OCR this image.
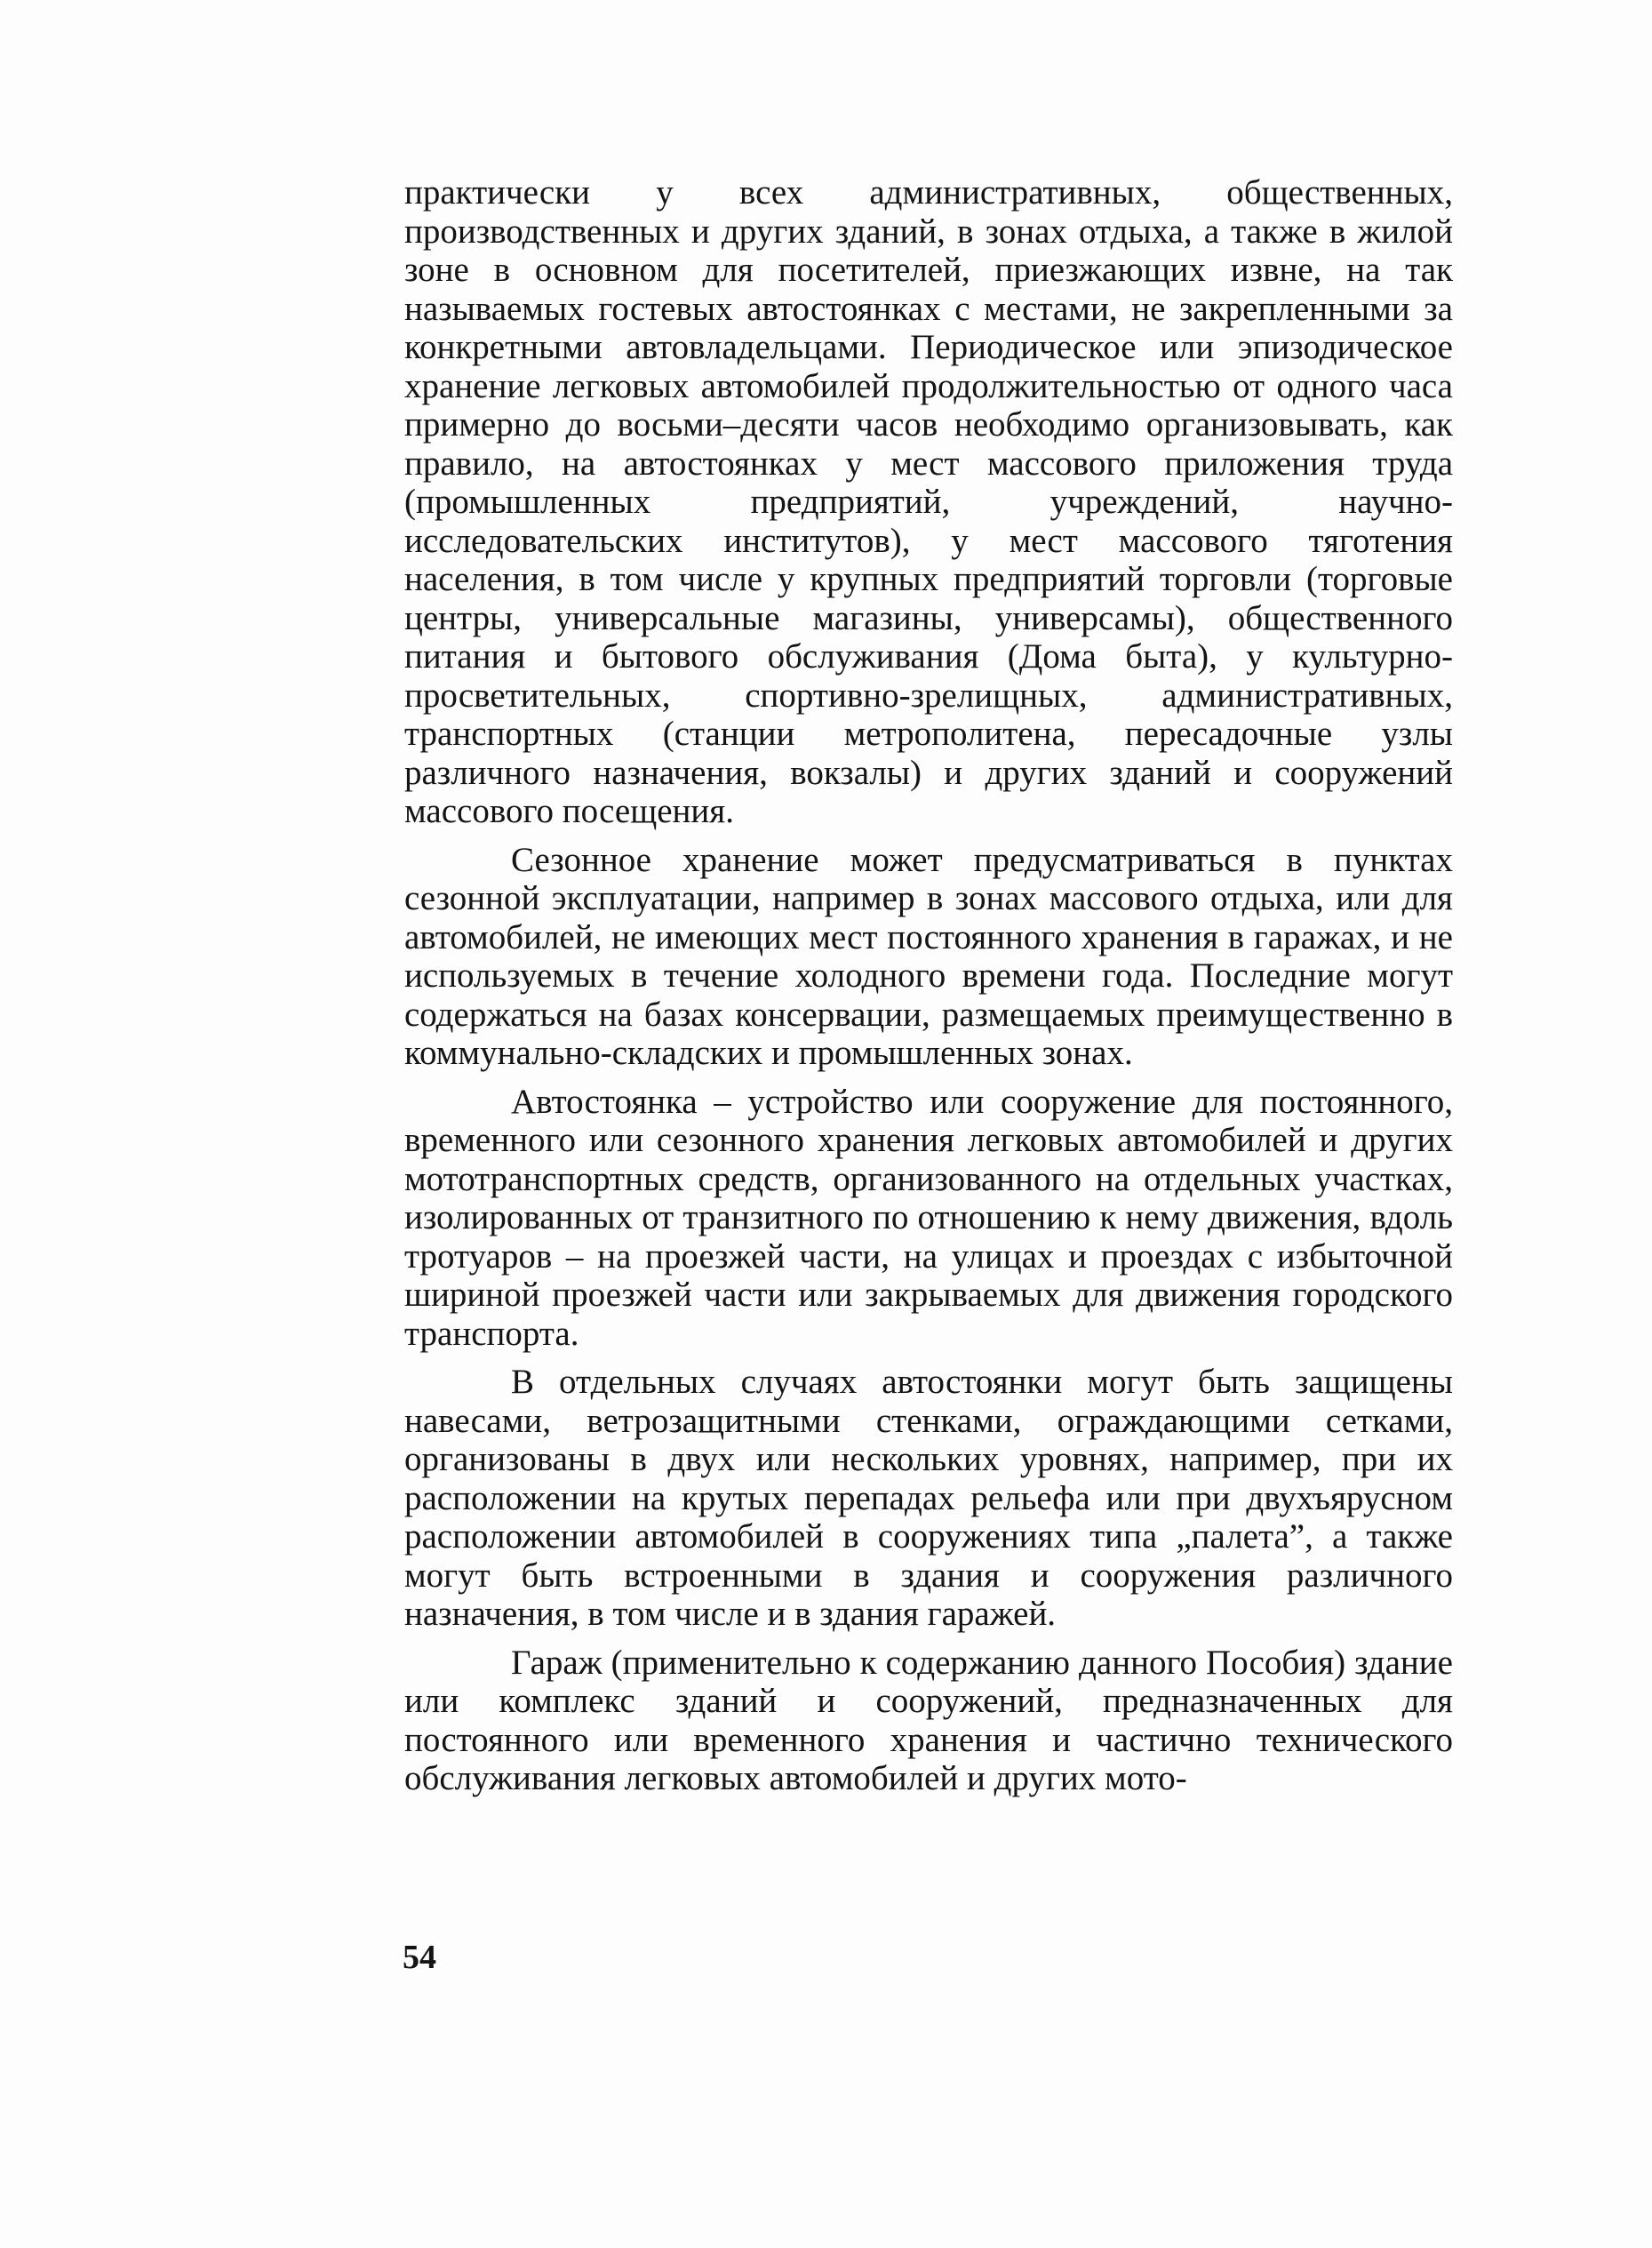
практически у всех административных, общественных, производственных и других зданий, в зонах отдыха, а также в жилой зоне в основном для посетителей, приезжающих извне, на так называемых гостевых автостоянках с местами, не закрепленными за конкретными автовладельцами. Периодическое или эпизодическое хранение легковых автомобилей продолжительностью от одного часа примерно до восьми–десяти часов необходимо организовывать, как правило, на автостоянках у мест массового приложения труда (промышленных предприятий, учреждений, научно-исследовательских институтов), у мест массового тяготения населения, в том числе у крупных предприятий торговли (торговые центры, универсальные магазины, универсамы), общественного питания и бытового обслуживания (Дома быта), у культурно-просветительных, спортивно-зрелищных, административных, транспортных (станции метрополитена, пересадочные узлы различного назначения, вокзалы) и других зданий и сооружений массового посещения.

Сезонное хранение может предусматриваться в пунктах сезонной эксплуатации, например в зонах массового отдыха, или для автомобилей, не имеющих мест постоянного хранения в гаражах, и не используемых в течение холодного времени года. Последние могут содержаться на базах консервации, размещаемых преимущественно в коммунально-складских и промышленных зонах.

Автостоянка – устройство или сооружение для постоянного, временного или сезонного хранения легковых автомобилей и других мототранспортных средств, организованного на отдельных участках, изолированных от транзитного по отношению к нему движения, вдоль тротуаров – на проезжей части, на улицах и проездах с избыточной шириной проезжей части или закрываемых для движения городского транспорта.

В отдельных случаях автостоянки могут быть защищены навесами, ветрозащитными стенками, ограждающими сетками, организованы в двух или нескольких уровнях, например, при их расположении на крутых перепадах рельефа или при двухъярусном расположении автомобилей в сооружениях типа „палета”, а также могут быть встроенными в здания и сооружения различного назначения, в том числе и в здания гаражей.

Гараж (применительно к содержанию данного Пособия) здание или комплекс зданий и сооружений, предназначенных для постоянного или временного хранения и частично технического обслуживания легковых автомобилей и других мото-

54
